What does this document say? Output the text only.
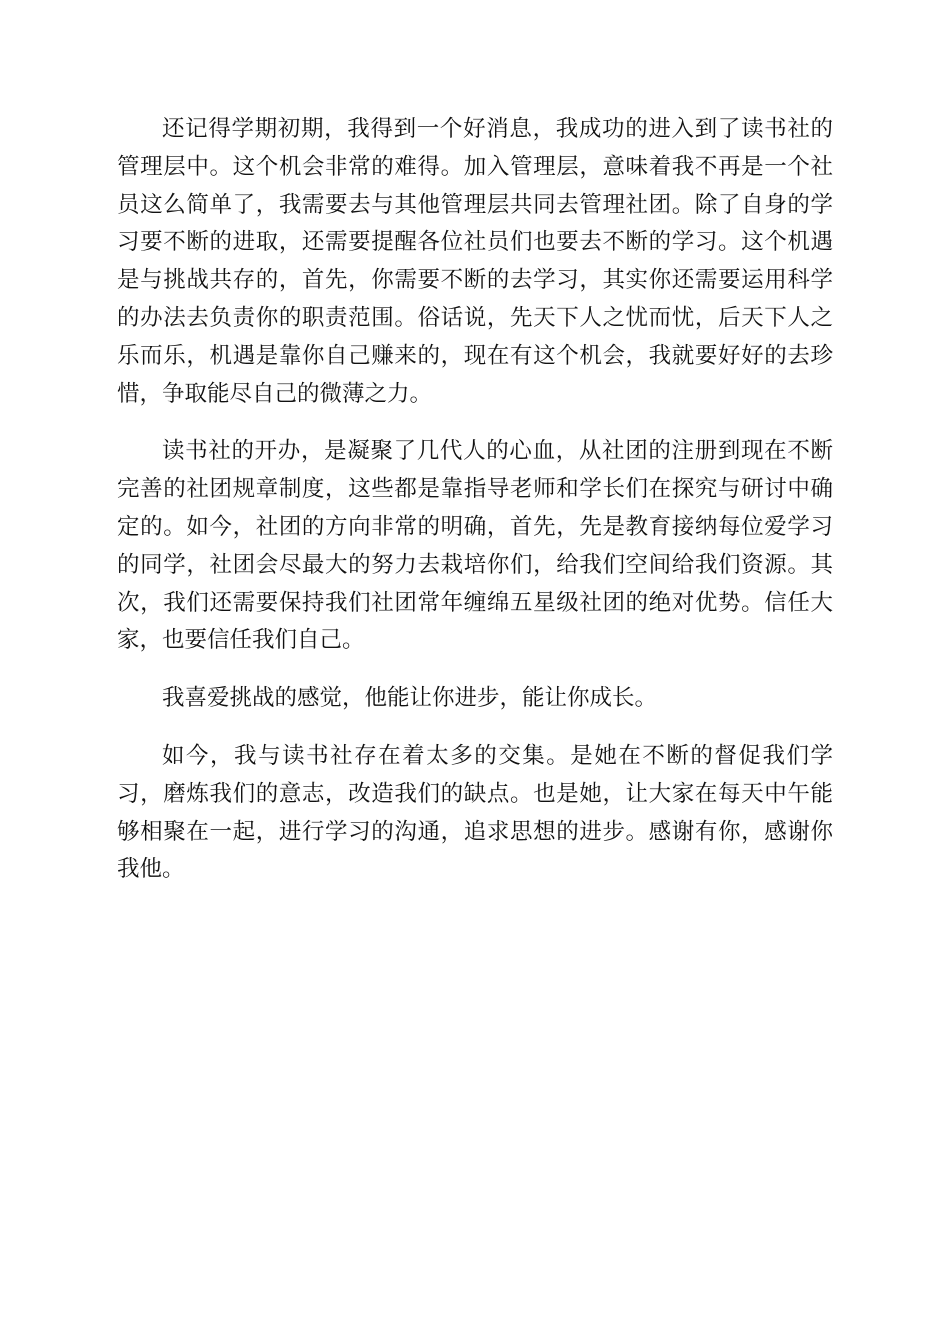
还记得学期初期，我得到一个好消息，我成功的进入到了读书社的管理层中。这个机会非常的难得。加入管理层，意味着我不再是一个社员这么简单了，我需要去与其他管理层共同去管理社团。除了自身的学习要不断的进取，还需要提醒各位社员们也要去不断的学习。这个机遇是与挑战共存的，首先，你需要不断的去学习，其实你还需要运用科学的办法去负责你的职责范围。俗话说，先天下人之忧而忧，后天下人之乐而乐，机遇是靠你自己赚来的，现在有这个机会，我就要好好的去珍惜，争取能尽自己的微薄之力。

读书社的开办，是凝聚了几代人的心血，从社团的注册到现在不断完善的社团规章制度，这些都是靠指导老师和学长们在探究与研讨中确定的。如今，社团的方向非常的明确，首先，先是教育接纳每位爱学习的同学，社团会尽最大的努力去栽培你们，给我们空间给我们资源。其次，我们还需要保持我们社团常年缠绵五星级社团的绝对优势。信任大家，也要信任我们自己。

我喜爱挑战的感觉，他能让你进步，能让你成长。

如今，我与读书社存在着太多的交集。是她在不断的督促我们学习，磨炼我们的意志，改造我们的缺点。也是她，让大家在每天中午能够相聚在一起，进行学习的沟通，追求思想的进步。感谢有你，感谢你我他。
